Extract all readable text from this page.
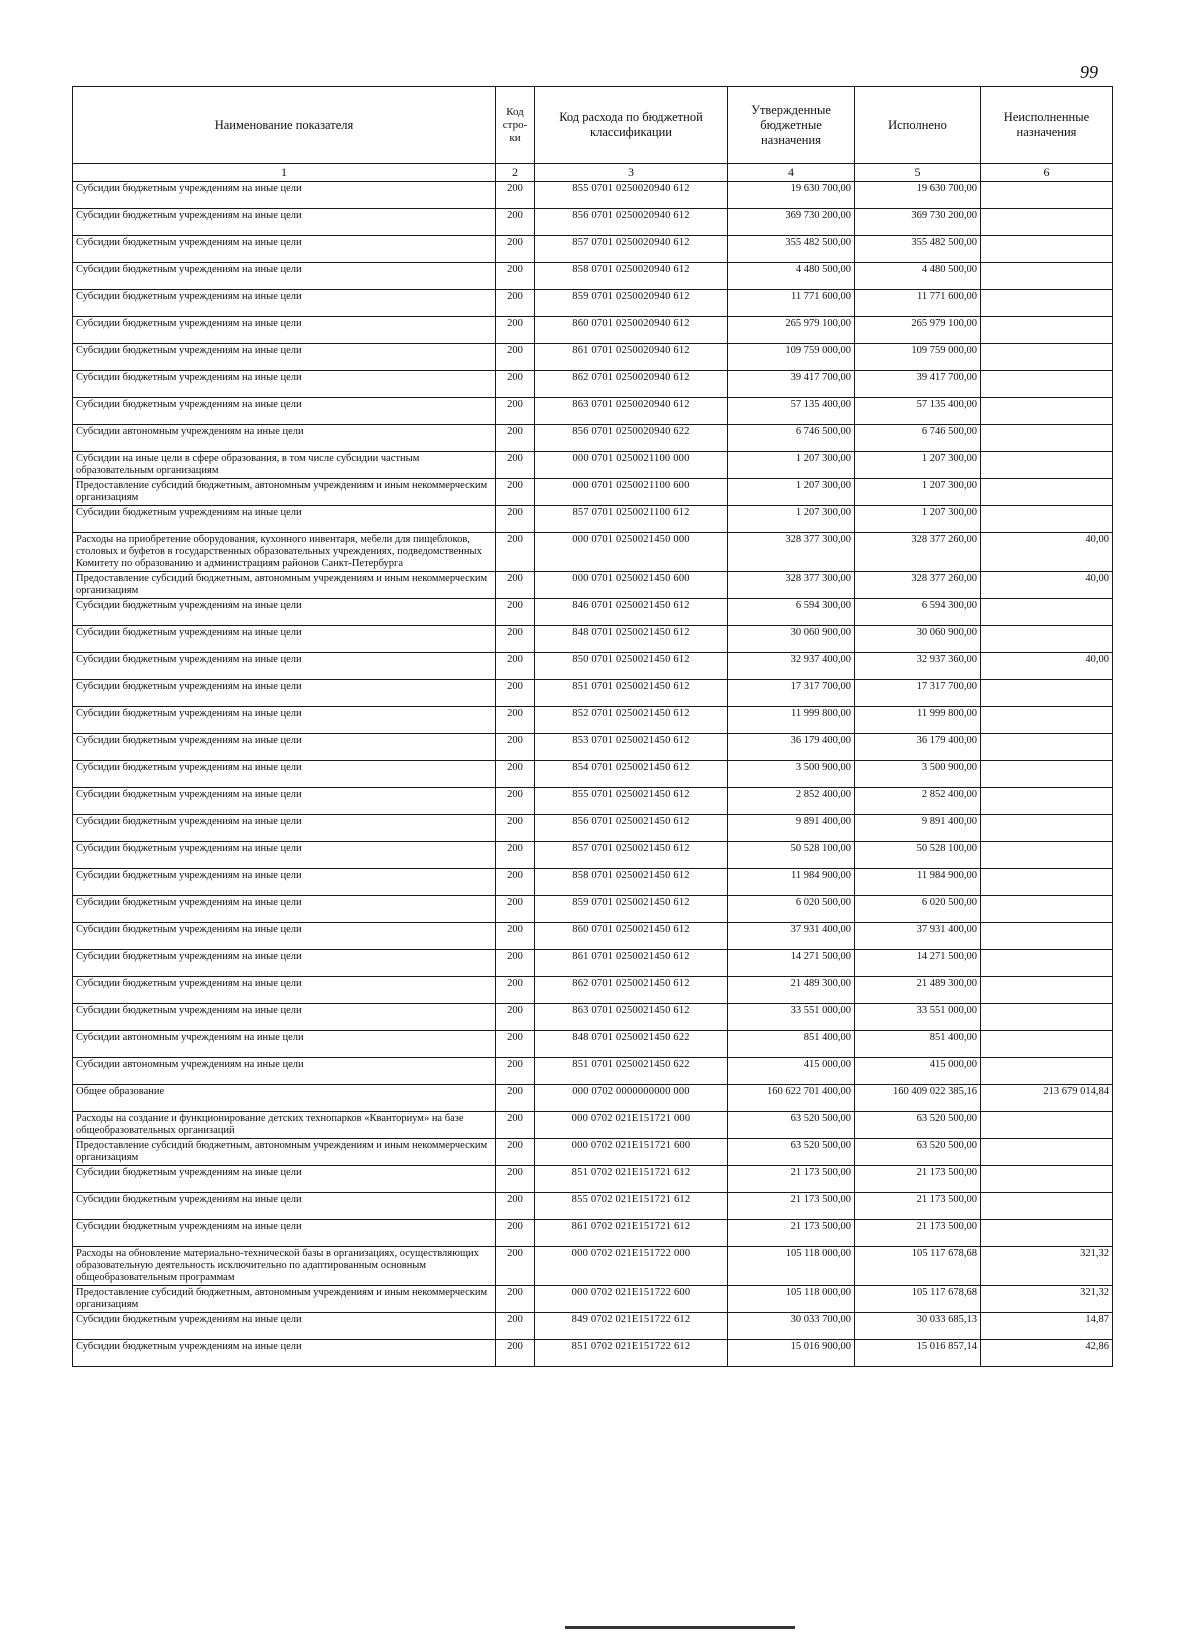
99
Наименование показателя	Код стро-ки	Код расхода по бюджетной классификации	Утвержденные бюджетные назначения	Исполнено	Неисполненные назначения
1	2	3	4	5	6
Субсидии бюджетным учреждениям на иные цели	200	855 0701 0250020940 612	19 630 700,00	19 630 700,00	
Субсидии бюджетным учреждениям на иные цели	200	856 0701 0250020940 612	369 730 200,00	369 730 200,00	
Субсидии бюджетным учреждениям на иные цели	200	857 0701 0250020940 612	355 482 500,00	355 482 500,00	
Субсидии бюджетным учреждениям на иные цели	200	858 0701 0250020940 612	4 480 500,00	4 480 500,00	
Субсидии бюджетным учреждениям на иные цели	200	859 0701 0250020940 612	11 771 600,00	11 771 600,00	
Субсидии бюджетным учреждениям на иные цели	200	860 0701 0250020940 612	265 979 100,00	265 979 100,00	
Субсидии бюджетным учреждениям на иные цели	200	861 0701 0250020940 612	109 759 000,00	109 759 000,00	
Субсидии бюджетным учреждениям на иные цели	200	862 0701 0250020940 612	39 417 700,00	39 417 700,00	
Субсидии бюджетным учреждениям на иные цели	200	863 0701 0250020940 612	57 135 400,00	57 135 400,00	
Субсидии автономным учреждениям на иные цели	200	856 0701 0250020940 622	6 746 500,00	6 746 500,00	
Субсидии на иные цели в сфере образования, в том числе субсидии частным образовательным организациям	200	000 0701 0250021100 000	1 207 300,00	1 207 300,00	
Предоставление субсидий бюджетным, автономным учреждениям и иным некоммерческим организациям	200	000 0701 0250021100 600	1 207 300,00	1 207 300,00	
Субсидии бюджетным учреждениям на иные цели	200	857 0701 0250021100 612	1 207 300,00	1 207 300,00	
Расходы на приобретение оборудования, кухонного инвентаря, мебели для пищеблоков, столовых и буфетов в государственных образовательных учреждениях, подведомственных Комитету по образованию и администрациям районов Санкт-Петербурга	200	000 0701 0250021450 000	328 377 300,00	328 377 260,00	40,00
Предоставление субсидий бюджетным, автономным учреждениям и иным некоммерческим организациям	200	000 0701 0250021450 600	328 377 300,00	328 377 260,00	40,00
Субсидии бюджетным учреждениям на иные цели	200	846 0701 0250021450 612	6 594 300,00	6 594 300,00	
Субсидии бюджетным учреждениям на иные цели	200	848 0701 0250021450 612	30 060 900,00	30 060 900,00	
Субсидии бюджетным учреждениям на иные цели	200	850 0701 0250021450 612	32 937 400,00	32 937 360,00	40,00
Субсидии бюджетным учреждениям на иные цели	200	851 0701 0250021450 612	17 317 700,00	17 317 700,00	
Субсидии бюджетным учреждениям на иные цели	200	852 0701 0250021450 612	11 999 800,00	11 999 800,00	
Субсидии бюджетным учреждениям на иные цели	200	853 0701 0250021450 612	36 179 400,00	36 179 400,00	
Субсидии бюджетным учреждениям на иные цели	200	854 0701 0250021450 612	3 500 900,00	3 500 900,00	
Субсидии бюджетным учреждениям на иные цели	200	855 0701 0250021450 612	2 852 400,00	2 852 400,00	
Субсидии бюджетным учреждениям на иные цели	200	856 0701 0250021450 612	9 891 400,00	9 891 400,00	
Субсидии бюджетным учреждениям на иные цели	200	857 0701 0250021450 612	50 528 100,00	50 528 100,00	
Субсидии бюджетным учреждениям на иные цели	200	858 0701 0250021450 612	11 984 900,00	11 984 900,00	
Субсидии бюджетным учреждениям на иные цели	200	859 0701 0250021450 612	6 020 500,00	6 020 500,00	
Субсидии бюджетным учреждениям на иные цели	200	860 0701 0250021450 612	37 931 400,00	37 931 400,00	
Субсидии бюджетным учреждениям на иные цели	200	861 0701 0250021450 612	14 271 500,00	14 271 500,00	
Субсидии бюджетным учреждениям на иные цели	200	862 0701 0250021450 612	21 489 300,00	21 489 300,00	
Субсидии бюджетным учреждениям на иные цели	200	863 0701 0250021450 612	33 551 000,00	33 551 000,00	
Субсидии автономным учреждениям на иные цели	200	848 0701 0250021450 622	851 400,00	851 400,00	
Субсидии автономным учреждениям на иные цели	200	851 0701 0250021450 622	415 000,00	415 000,00	
Общее образование	200	000 0702 0000000000 000	160 622 701 400,00	160 409 022 385,16	213 679 014,84
Расходы на создание и функционирование детских технопарков «Кванториум» на базе общеобразовательных организаций	200	000 0702 021E151721 000	63 520 500,00	63 520 500,00	
Предоставление субсидий бюджетным, автономным учреждениям и иным некоммерческим организациям	200	000 0702 021E151721 600	63 520 500,00	63 520 500,00	
Субсидии бюджетным учреждениям на иные цели	200	851 0702 021E151721 612	21 173 500,00	21 173 500,00	
Субсидии бюджетным учреждениям на иные цели	200	855 0702 021E151721 612	21 173 500,00	21 173 500,00	
Субсидии бюджетным учреждениям на иные цели	200	861 0702 021E151721 612	21 173 500,00	21 173 500,00	
Расходы на обновление материально-технической базы в организациях, осуществляющих образовательную деятельность исключительно по адаптированным основным общеобразовательным программам	200	000 0702 021E151722 000	105 118 000,00	105 117 678,68	321,32
Предоставление субсидий бюджетным, автономным учреждениям и иным некоммерческим организациям	200	000 0702 021E151722 600	105 118 000,00	105 117 678,68	321,32
Субсидии бюджетным учреждениям на иные цели	200	849 0702 021E151722 612	30 033 700,00	30 033 685,13	14,87
Субсидии бюджетным учреждениям на иные цели	200	851 0702 021E151722 612	15 016 900,00	15 016 857,14	42,86
